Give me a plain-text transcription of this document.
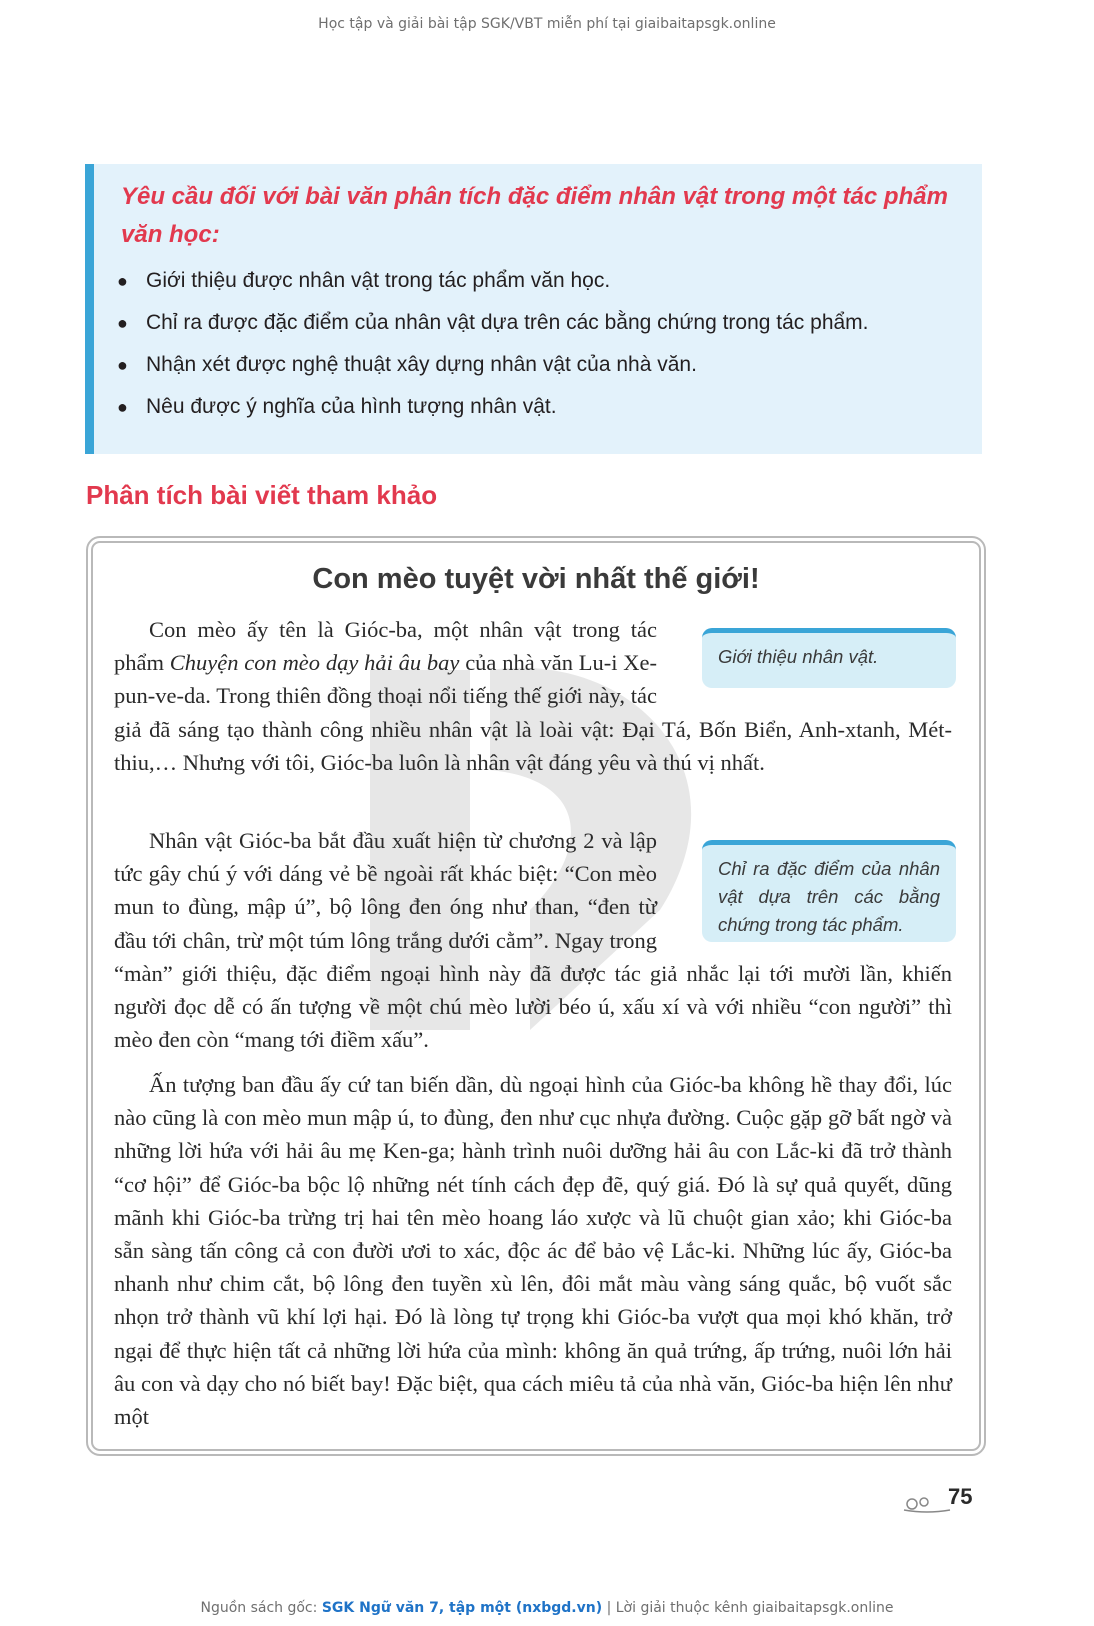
Học tập và giải bài tập SGK/VBT miễn phí tại giaibaitapsgk.online
Yêu cầu đối với bài văn phân tích đặc điểm nhân vật trong một tác phẩm văn học:
● Giới thiệu được nhân vật trong tác phẩm văn học.
● Chỉ ra được đặc điểm của nhân vật dựa trên các bằng chứng trong tác phẩm.
● Nhận xét được nghệ thuật xây dựng nhân vật của nhà văn.
● Nêu được ý nghĩa của hình tượng nhân vật.
Phân tích bài viết tham khảo
Con mèo tuyệt vời nhất thế giới!

Con mèo ấy tên là Gióc-ba, một nhân vật trong tác phẩm Chuyện con mèo dạy hải âu bay của nhà văn Lu-i Xe-pun-ve-da. Trong thiên đồng thoại nổi tiếng thế giới này, tác giả đã sáng tạo thành công nhiều nhân vật là loài vật: Đại Tá, Bốn Biển, Anh-xtanh, Mét-thiu,… Nhưng với tôi, Gióc-ba luôn là nhân vật đáng yêu và thú vị nhất.

Nhân vật Gióc-ba bắt đầu xuất hiện từ chương 2 và lập tức gây chú ý với dáng vẻ bề ngoài rất khác biệt: “Con mèo mun to đùng, mập ú”, bộ lông đen óng như than, “đen từ đầu tới chân, trừ một túm lông trắng dưới cằm”. Ngay trong “màn” giới thiệu, đặc điểm ngoại hình này đã được tác giả nhắc lại tới mười lần, khiến người đọc dễ có ấn tượng về một chú mèo lười béo ú, xấu xí và với nhiều “con người” thì mèo đen còn “mang tới điềm xấu”.

Ấn tượng ban đầu ấy cứ tan biến dần, dù ngoại hình của Gióc-ba không hề thay đổi, lúc nào cũng là con mèo mun mập ú, to đùng, đen như cục nhựa đường. Cuộc gặp gỡ bất ngờ và những lời hứa với hải âu mẹ Ken-ga; hành trình nuôi dưỡng hải âu con Lắc-ki đã trở thành “cơ hội” để Gióc-ba bộc lộ những nét tính cách đẹp đẽ, quý giá. Đó là sự quả quyết, dũng mãnh khi Gióc-ba trừng trị hai tên mèo hoang láo xược và lũ chuột gian xảo; khi Gióc-ba sẵn sàng tấn công cả con đười ươi to xác, độc ác để bảo vệ Lắc-ki. Những lúc ấy, Gióc-ba nhanh như chim cắt, bộ lông đen tuyền xù lên, đôi mắt màu vàng sáng quắc, bộ vuốt sắc nhọn trở thành vũ khí lợi hại. Đó là lòng tự trọng khi Gióc-ba vượt qua mọi khó khăn, trở ngại để thực hiện tất cả những lời hứa của mình: không ăn quả trứng, ấp trứng, nuôi lớn hải âu con và dạy cho nó biết bay! Đặc biệt, qua cách miêu tả của nhà văn, Gióc-ba hiện lên như một

Giới thiệu nhân vật.
Chỉ ra đặc điểm của nhân vật dựa trên các bằng chứng trong tác phẩm.
75
Nguồn sách gốc: SGK Ngữ văn 7, tập một (nxbgd.vn) | Lời giải thuộc kênh giaibaitapsgk.online
